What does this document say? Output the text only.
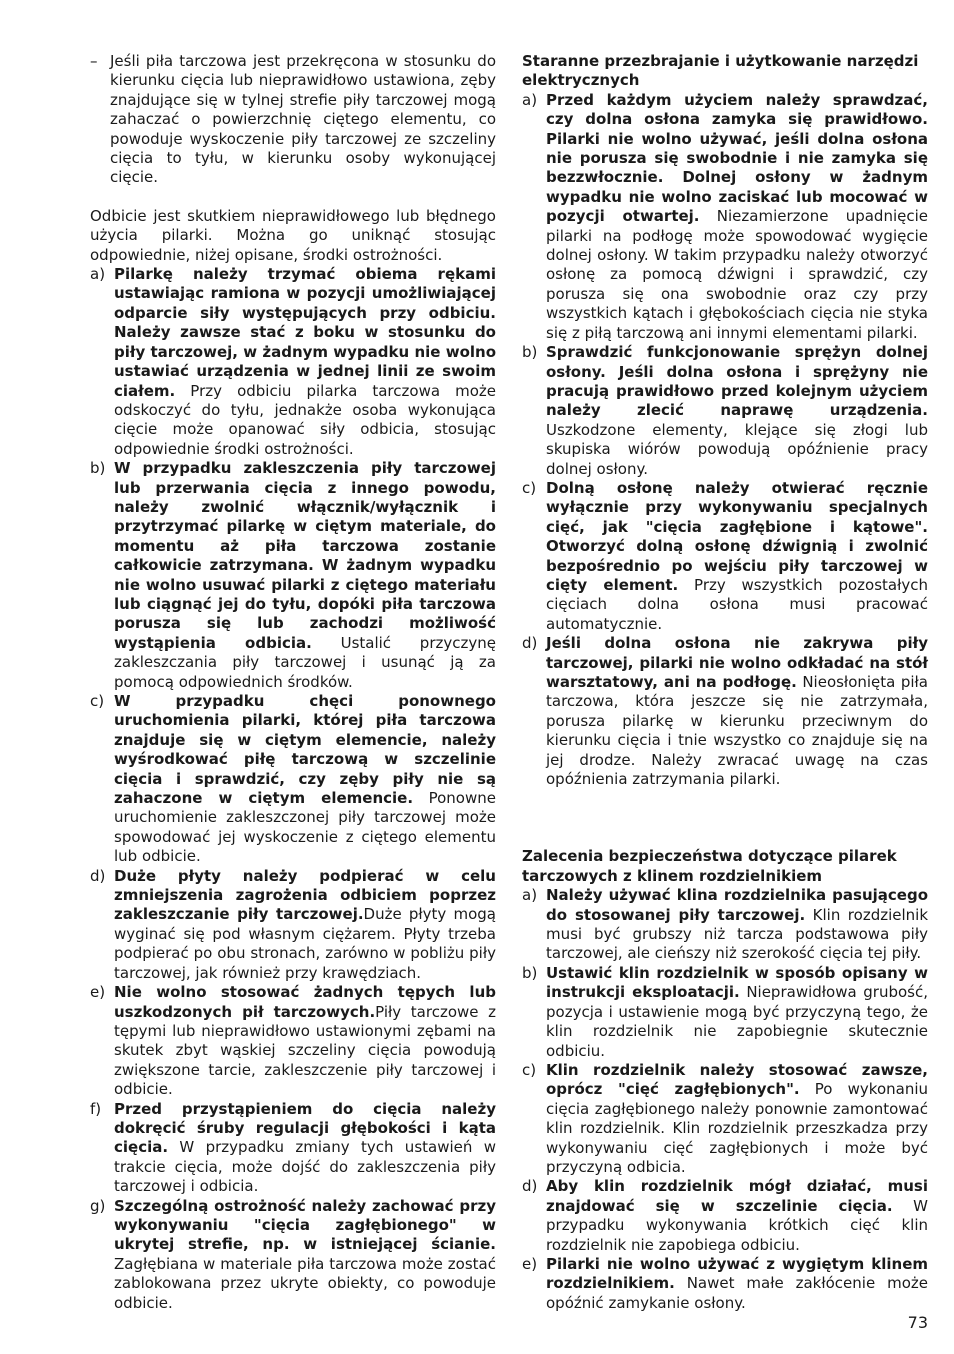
– Jeśli piła tarczowa jest przekręcona w stosunku do kierunku cięcia lub nieprawidłowo ustawiona, zęby znajdujące się w tylnej strefie piły tarczowej mogą zahaczać o powierzchnię ciętego elementu, co powoduje wyskoczenie piły tarczowej ze szczeliny cięcia to tyłu, w kierunku osoby wykonującej cięcie.

Odbicie jest skutkiem nieprawidłowego lub błędnego użycia pilarki. Można go uniknąć stosując odpowiednie, niżej opisane, środki ostrożności.

a) Pilarkę należy trzymać obiema rękami ustawiając ramiona w pozycji umożliwiającej odparcie siły występujących przy odbiciu. Należy zawsze stać z boku w stosunku do piły tarczowej, w żadnym wypadku nie wolno ustawiać urządzenia w jednej linii ze swoim ciałem. Przy odbiciu pilarka tarczowa może odskoczyć do tyłu, jednakże osoba wykonująca cięcie może opanować siły odbicia, stosując odpowiednie środki ostrożności.
b) W przypadku zakleszczenia piły tarczowej lub przerwania cięcia z innego powodu, należy zwolnić włącznik/wyłącznik i przytrzymać pilarkę w ciętym materiale, do momentu aż piła tarczowa zostanie całkowicie zatrzymana. W żadnym wypadku nie wolno usuwać pilarki z ciętego materiału lub ciągnąć jej do tyłu, dopóki piła tarczowa porusza się lub zachodzi możliwość wystąpienia odbicia. Ustalić przyczynę zakleszczania piły tarczowej i usunąć ją za pomocą odpowiednich środków.
c) W przypadku chęci ponownego uruchomienia pilarki, której piła tarczowa znajduje się w ciętym elemencie, należy wyśrodkować piłę tarczową w szczelinie cięcia i sprawdzić, czy zęby piły nie są zahaczone w ciętym elemencie. Ponowne uruchomienie zakleszczonej piły tarczowej może spowodować jej wyskoczenie z ciętego elementu lub odbicie.
d) Duże płyty należy podpierać w celu zmniejszenia zagrożenia odbiciem poprzez zakleszczanie piły tarczowej.Duże płyty mogą wyginać się pod własnym ciężarem. Płyty trzeba podpierać po obu stronach, zarówno w pobliżu piły tarczowej, jak również przy krawędziach.
e) Nie wolno stosować żadnych tępych lub uszkodzonych pił tarczowych.Piły tarczowe z tępymi lub nieprawidłowo ustawionymi zębami na skutek zbyt wąskiej szczeliny cięcia powodują zwiększone tarcie, zakleszczenie piły tarczowej i odbicie.
f) Przed przystąpieniem do cięcia należy dokręcić śruby regulacji głębokości i kąta cięcia. W przypadku zmiany tych ustawień w trakcie cięcia, może dojść do zakleszczenia piły tarczowej i odbicia.
g) Szczególną ostrożność należy zachować przy wykonywaniu "cięcia zagłębionego" w ukrytej strefie, np. w istniejącej ścianie. Zagłębiana w materiale piła tarczowa może zostać zablokowana przez ukryte obiekty, co powoduje odbicie.

Staranne przezbrajanie i użytkowanie narzędzi elektrycznych

a) Przed każdym użyciem należy sprawdzać, czy dolna osłona zamyka się prawidłowo. Pilarki nie wolno używać, jeśli dolna osłona nie porusza się swobodnie i nie zamyka się bezzwłocznie. Dolnej osłony w żadnym wypadku nie wolno zaciskać lub mocować w pozycji otwartej. Niezamierzone upadnięcie pilarki na podłogę może spowodować wygięcie dolnej osłony. W takim przypadku należy otworzyć osłonę za pomocą dźwigni i sprawdzić, czy porusza się ona swobodnie oraz czy przy wszystkich kątach i głębokościach cięcia nie styka się z piłą tarczową ani innymi elementami pilarki.
b) Sprawdzić funkcjonowanie sprężyn dolnej osłony. Jeśli dolna osłona i sprężyny nie pracują prawidłowo przed kolejnym użyciem należy zlecić naprawę urządzenia. Uszkodzone elementy, klejące się złogi lub skupiska wiórów powodują opóźnienie pracy dolnej osłony.
c) Dolną osłonę należy otwierać ręcznie wyłącznie przy wykonywaniu specjalnych cięć, jak "cięcia zagłębione i kątowe". Otworzyć dolną osłonę dźwignią i zwolnić bezpośrednio po wejściu piły tarczowej w cięty element. Przy wszystkich pozostałych cięciach dolna osłona musi pracować automatycznie.
d) Jeśli dolna osłona nie zakrywa piły tarczowej, pilarki nie wolno odkładać na stół warsztatowy, ani na podłogę. Nieosłonięta piła tarczowa, która jeszcze się nie zatrzymała, porusza pilarkę w kierunku przeciwnym do kierunku cięcia i tnie wszystko co znajduje się na jej drodze. Należy zwracać uwagę na czas opóźnienia zatrzymania pilarki.

Zalecenia bezpieczeństwa dotyczące pilarek tarczowych z klinem rozdzielnikiem

a) Należy używać klina rozdzielnika pasującego do stosowanej piły tarczowej. Klin rozdzielnik musi być grubszy niż tarcza podstawowa piły tarczowej, ale cieńszy niż szerokość cięcia tej piły.
b) Ustawić klin rozdzielnik w sposób opisany w instrukcji eksploatacji. Nieprawidłowa grubość, pozycja i ustawienie mogą być przyczyną tego, że klin rozdzielnik nie zapobiegnie skutecznie odbiciu.
c) Klin rozdzielnik należy stosować zawsze, oprócz "cięć zagłębionych". Po wykonaniu cięcia zagłębionego należy ponownie zamontować klin rozdzielnik. Klin rozdzielnik przeszkadza przy wykonywaniu cięć zagłębionych i może być przyczyną odbicia.
d) Aby klin rozdzielnik mógł działać, musi znajdować się w szczelinie cięcia. W przypadku wykonywania krótkich cięć klin rozdzielnik nie zapobiega odbiciu.
e) Pilarki nie wolno używać z wygiętym klinem rozdzielnikiem. Nawet małe zakłócenie może opóźnić zamykanie osłony.
73
